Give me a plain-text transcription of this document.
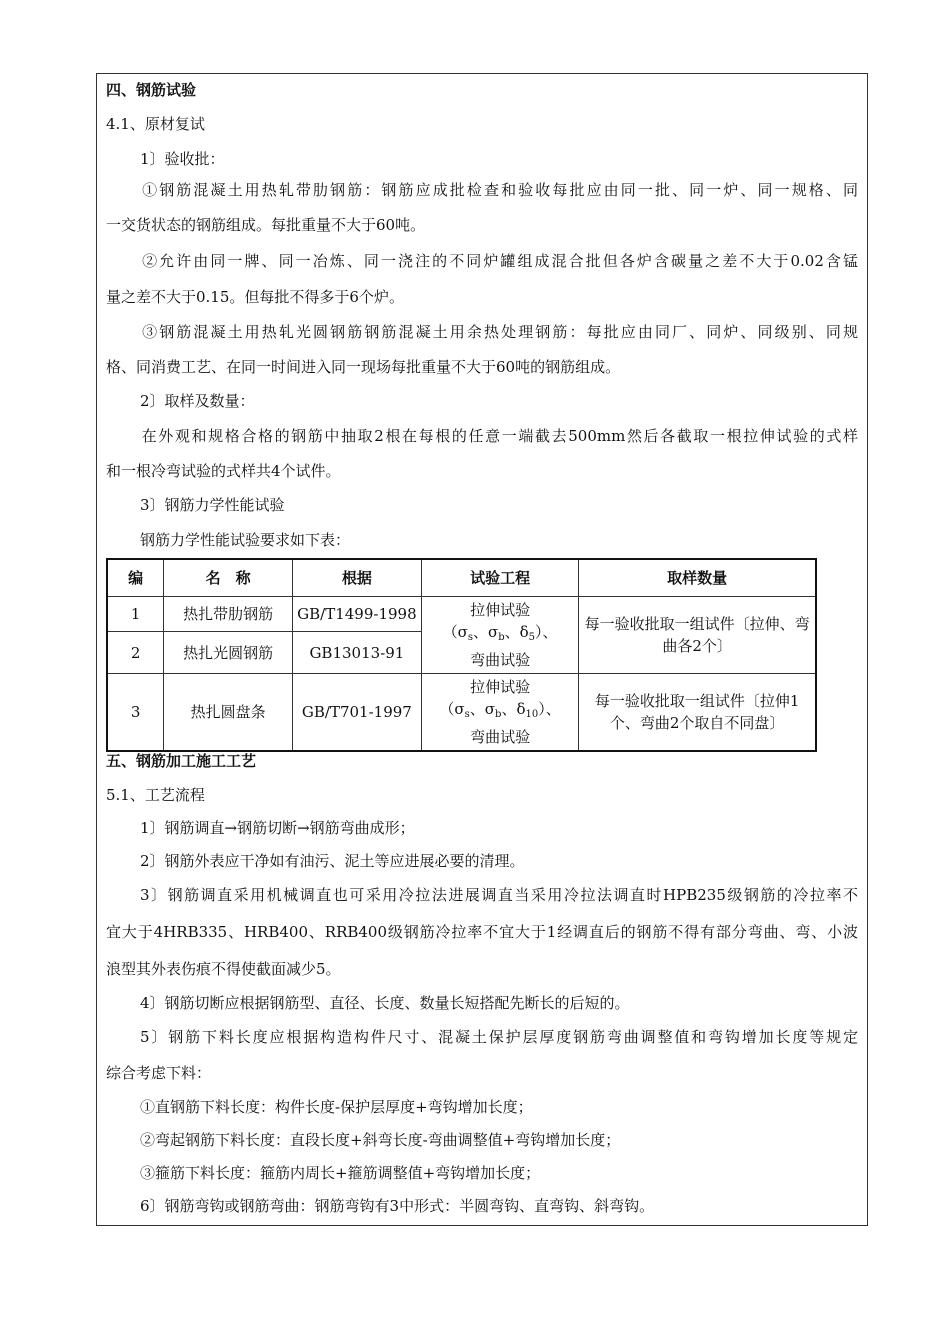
四、钢筋试验
4.1、原材复试
1〕验收批：
①钢筋混凝土用热轧带肋钢筋：钢筋应成批检查和验收每批应由同一批、同一炉、同一规格、同
一交货状态的钢筋组成。每批重量不大于60吨。
②允许由同一牌、同一冶炼、同一浇注的不同炉罐组成混合批但各炉含碳量之差不大于0.02含锰
量之差不大于0.15。但每批不得多于6个炉。
③钢筋混凝土用热轧光圆钢筋钢筋混凝土用余热处理钢筋：每批应由同厂、同炉、同级别、同规
格、同消费工艺、在同一时间进入同一现场每批重量不大于60吨的钢筋组成。
2〕取样及数量：
在外观和规格合格的钢筋中抽取2根在每根的任意一端截去500mm然后各截取一根拉伸试验的式样
和一根冷弯试验的式样共4个试件。
3〕钢筋力学性能试验
钢筋力学性能试验要求如下表：
编	名　称	根据	试验工程	取样数量
1	热扎带肋钢筋	GB/T1499-1998	拉伸试验
（$\sigma_s$、$\sigma_b$、$\delta_5$）、
弯曲试验	每一验收批取一组试件〔拉伸、弯曲各2个〕
2	热扎光圆钢筋	GB13013-91		
3	热扎圆盘条	GB/T701-1997	拉伸试验
（$\sigma_s$、$\sigma_b$、$\delta_{10}$）、
弯曲试验	每一验收批取一组试件〔拉伸1个、弯曲2个取自不同盘〕
五、钢筋加工施工工艺
5.1、工艺流程
1〕钢筋调直→钢筋切断→钢筋弯曲成形；
2〕钢筋外表应干净如有油污、泥土等应进展必要的清理。
3〕钢筋调直采用机械调直也可采用冷拉法进展调直当采用冷拉法调直时HPB235级钢筋的冷拉率不
宜大于4HRB335、HRB400、RRB400级钢筋冷拉率不宜大于1经调直后的钢筋不得有部分弯曲、弯、小波
浪型其外表伤痕不得使截面减少5。
4〕钢筋切断应根据钢筋型、直径、长度、数量长短搭配先断长的后短的。
5〕钢筋下料长度应根据构造构件尺寸、混凝土保护层厚度钢筋弯曲调整值和弯钩增加长度等规定
综合考虑下料：
①直钢筋下料长度：构件长度-保护层厚度+弯钩增加长度；
②弯起钢筋下料长度：直段长度+斜弯长度-弯曲调整值+弯钩增加长度；
③箍筋下料长度：箍筋内周长+箍筋调整值+弯钩增加长度；
6〕钢筋弯钩或钢筋弯曲：钢筋弯钩有3中形式：半圆弯钩、直弯钩、斜弯钩。
